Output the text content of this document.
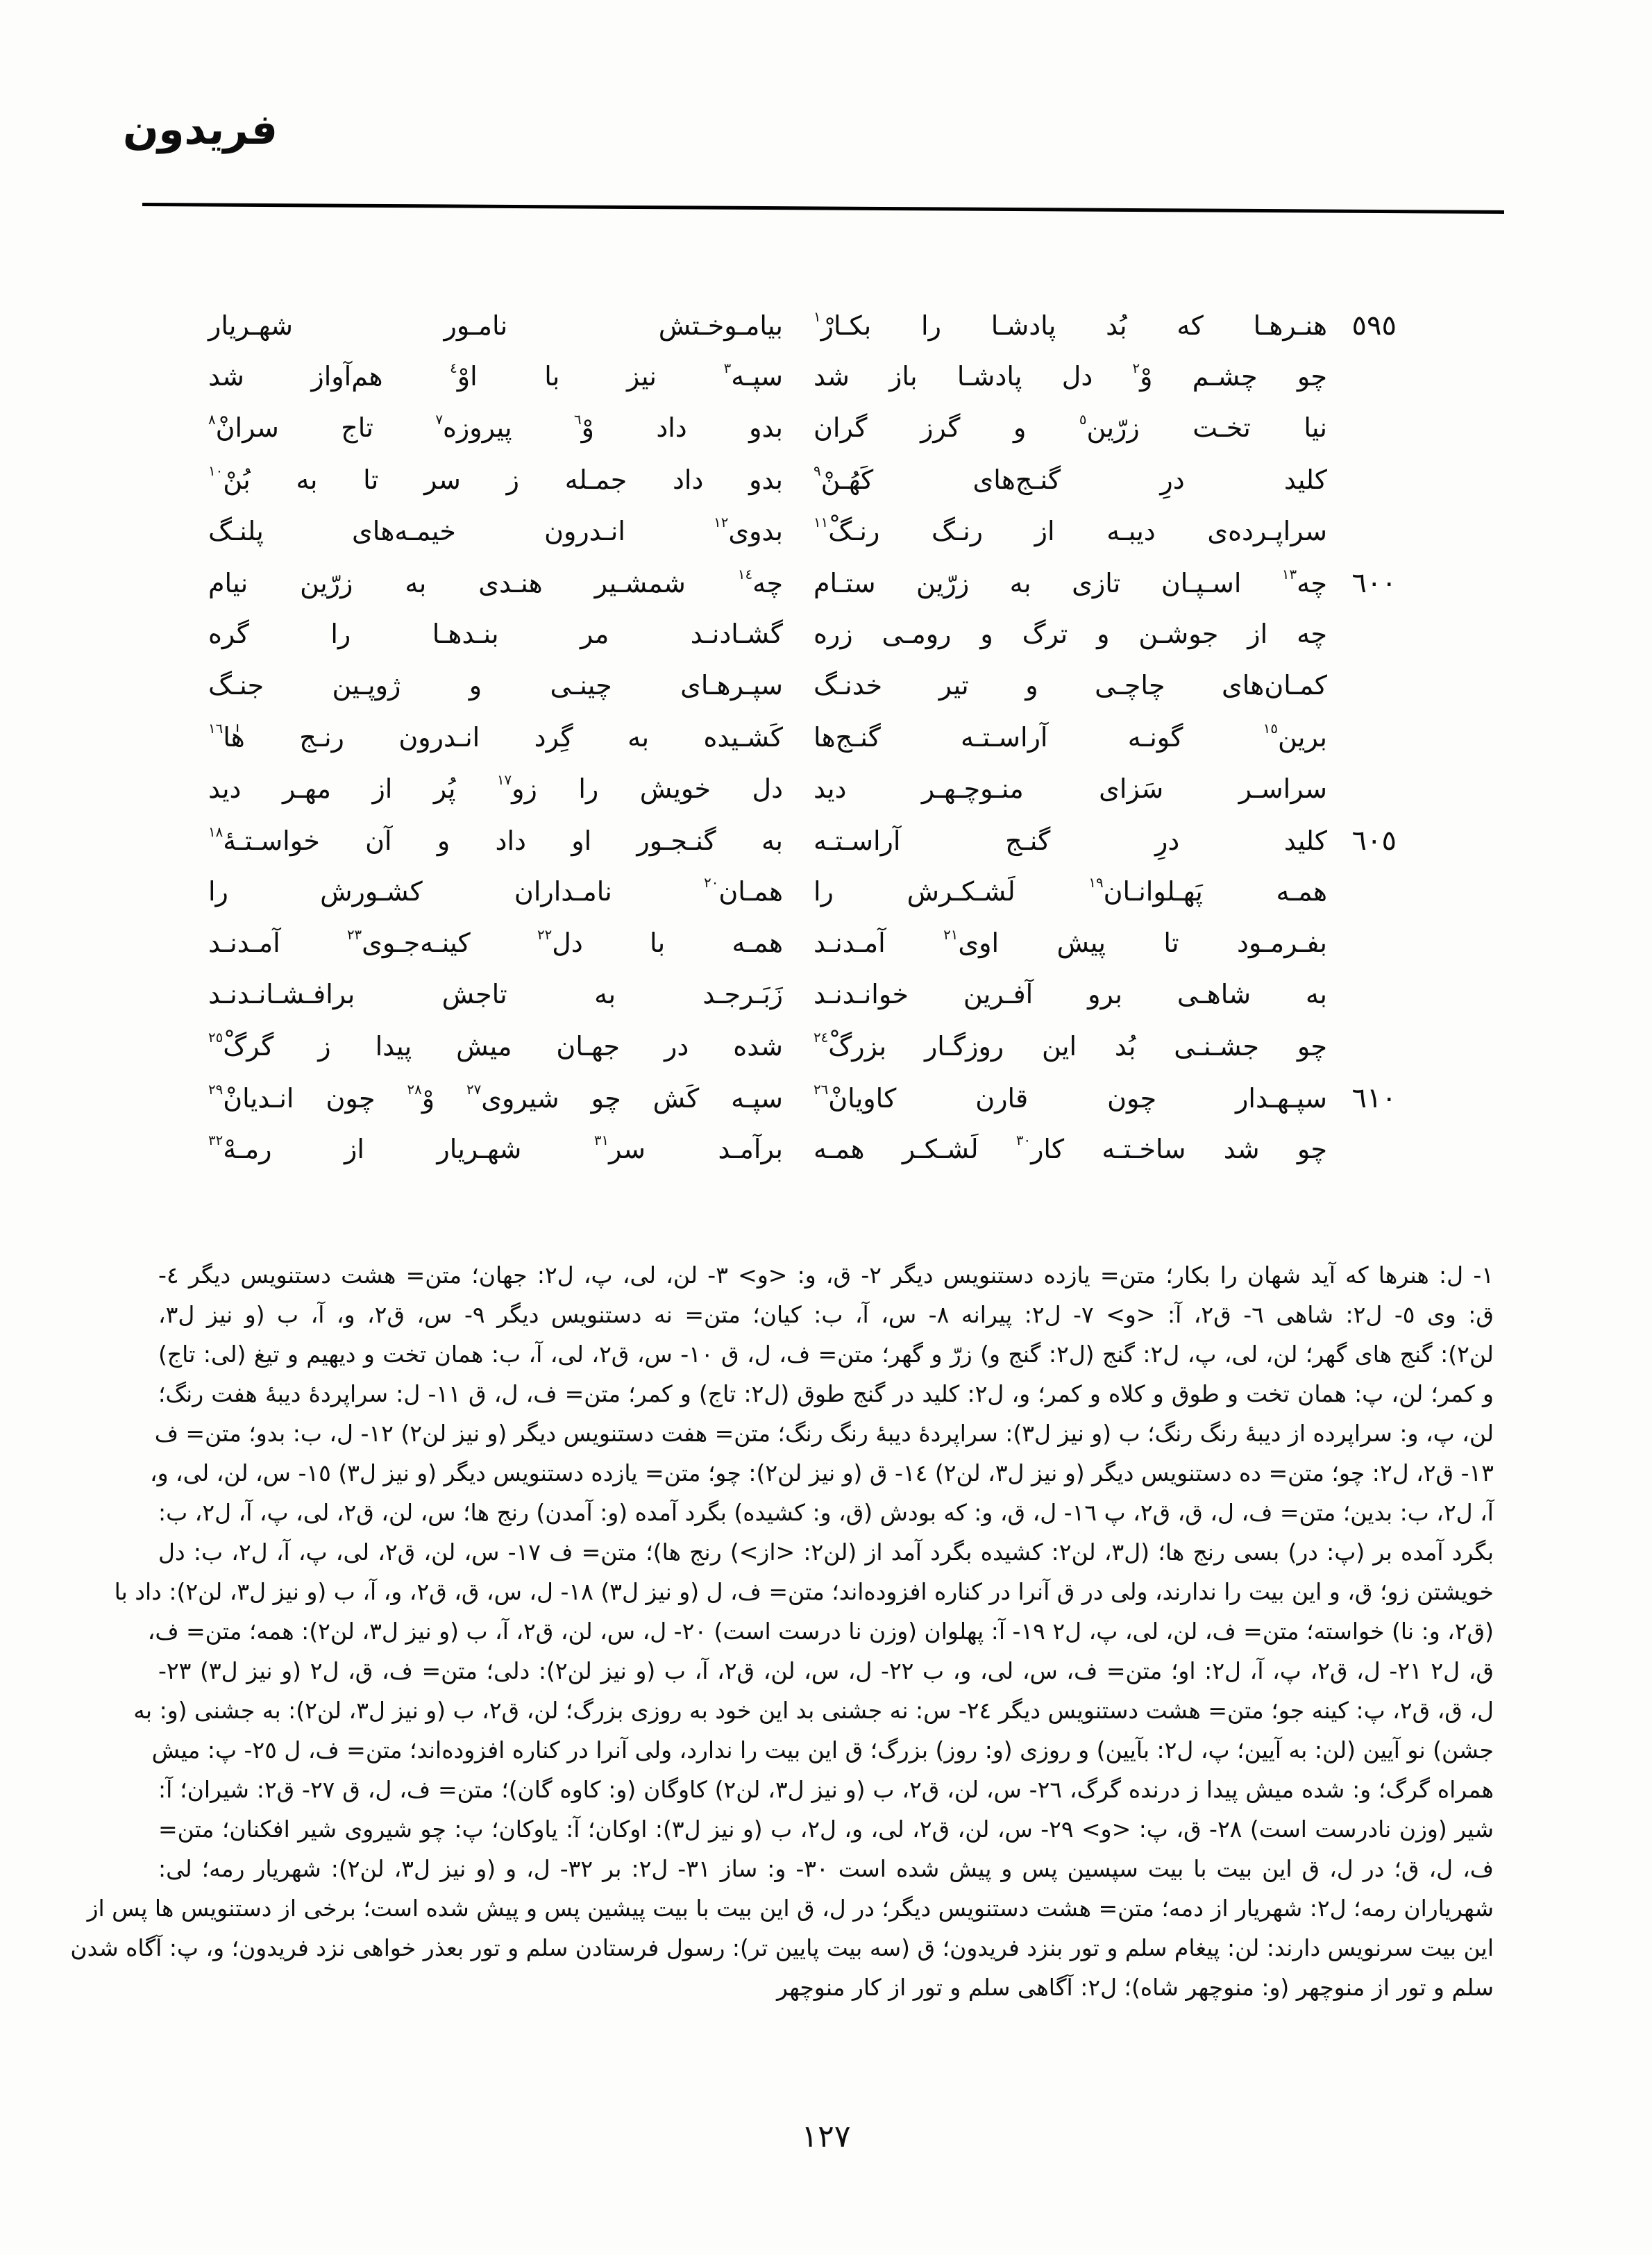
فریدون
٥٩٥
هنـرهـا که بُد پادشـا را بکـارْ$^١$
بیامـوخـتش نامـور شهـریار
چو چشـم وْ$^٢$ دل پادشـا باز شد
سپـه$^٣$ نیز با اوْ$^٤$ هم‌آواز شد
نیا تخـت زرّین$^٥$ و گرز گران
بدو داد وْ$^٦$ پیروزه$^٧$ تاج سرانْ$^٨$
کلید درِ گنـج‌های کَهُـنْ$^٩$
بدو داد جمـله ز سر تا به بُنْ$^{١٠}$
سراپـرده‌ی دیبـه از رنـگ رنـگْ$^{١١}$
بدوی$^{١٢}$ انـدرون خیمـه‌های پلنـگ
٦٠٠
چه$^{١٣}$ اسـپـان تازی به زرّین ستـام
چه$^{١٤}$ شمشـیر هنـدی به زرّین نیام
چه از جوشـن و ترگ و رومـی زره
گشـادنـد مر بنـدهـا را گره
کمـان‌های چاچـی و تیر خدنـگ
سپـرهـای چینـی و ژوپـین جنـگ
برین$^{١٥}$ گونـه آراسـتـه گنـج‌ها
کَشـیده به گِرد انـدرون رنـج هٰا$^{١٦}$
سراسـر سَزای منـوچـهـر دید
دل خویش را زو$^{١٧}$ پُر از مهـر دید
٦٠٥
کلید درِ گنـج آراسـتـه
به گنـجـور او داد و آن خواسـتـهٔ$^{١٨}$
همـه پَهـلوانـان$^{١٩}$ لَشـکـرش را
همـان$^{٢٠}$ نامـداران کشـورش را
بفـرمـود تا پیش اوی$^{٢١}$ آمـدنـد
همـه با دل$^{٢٢}$ کینـه‌جـوی$^{٢٣}$ آمـدنـد
به شاهـی برو آفـرین خوانـدنـد
زَبَـرجـد به تاجش برافـشـانـدنـد
چو جشـنـی بُد این روزگـار بزرگْ$^{٢٤}$
شده در جهـان میش پیدا ز گرگْ$^{٢٥}$
٦١٠
سپـهـدار چون قارن کاویانْ$^{٢٦}$
سپـه کَش چو شیروی$^{٢٧}$ وْ$^{٢٨}$ چون انـدیانْ$^{٢٩}$
چو شد ساخـتـه کار$^{٣٠}$ لَشـکـر همـه
برآمـد سر$^{٣١}$ شهـریار از رمـهْ$^{٣٢}$
١- ل: هنرها که آید شهان را بکار؛ متن= یازده دستنویس دیگر ٢- ق، و: <و> ٣- لن، لی، پ، ل٢: جهان؛ متن= هشت دستنویس دیگر ٤-
ق: وی ٥- ل٢: شاهی ٦- ق٢، آ: <و> ٧- ل٢: پیرانه ٨- س، آ، ب: کیان؛ متن= نه دستنویس دیگر ٩- س، ق٢، و، آ، ب (و نیز ل٣،
لن٢): گنج های گهر؛ لن، لی، پ، ل٢: گنج (ل٢: گنج و) زرّ و گهر؛ متن= ف، ل، ق ١٠- س، ق٢، لی، آ، ب: همان تخت و دیهیم و تیغ (لی: تاج)
و کمر؛ لن، پ: همان تخت و طوق و کلاه و کمر؛ و، ل٢: کلید در گنج طوق (ل٢: تاج) و کمر؛ متن= ف، ل، ق ١١- ل: سراپردهٔ دیبهٔ هفت رنگ؛
لن، پ، و: سراپرده از دیبهٔ رنگ رنگ؛ ب (و نیز ل٣): سراپردهٔ دیبهٔ رنگ رنگ؛ متن= هفت دستنویس دیگر (و نیز لن٢) ١٢- ل، ب: بدو؛ متن= ف
١٣- ق٢، ل٢: چو؛ متن= ده دستنویس دیگر (و نیز ل٣، لن٢) ١٤- ق (و نیز لن٢): چو؛ متن= یازده دستنویس دیگر (و نیز ل٣) ١٥- س، لن، لی، و،
آ، ل٢، ب: بدین؛ متن= ف، ل، ق، ق٢، پ ١٦- ل، ق، و: که بودش (ق، و: کشیده) بگرد آمده (و: آمدن) رنج ها؛ س، لن، ق٢، لی، پ، آ، ل٢، ب:
بگرد آمده بر (پ: در) بسی رنج ها؛ (ل٣، لن٢: کشیده بگرد آمد از (لن٢: <از>) رنج ها)؛ متن= ف ١٧- س، لن، ق٢، لی، پ، آ، ل٢، ب: دل
خویشتن زو؛ ق، و این بیت را ندارند، ولی در ق آنرا در کناره افزوده‌اند؛ متن= ف، ل (و نیز ل٣) ١٨- ل، س، ق، ق٢، و، آ، ب (و نیز ل٣، لن٢): داد با
(ق٢، و: نا) خواسته؛ متن= ف، لن، لی، پ، ل٢ ١٩- آ: پهلوان (وزن نا درست است) ٢٠- ل، س، لن، ق٢، آ، ب (و نیز ل٣، لن٢): همه؛ متن= ف،
ق، ل٢ ٢١- ل، ق٢، پ، آ، ل٢: او؛ متن= ف، س، لی، و، ب ٢٢- ل، س، لن، ق٢، آ، ب (و نیز لن٢): دلی؛ متن= ف، ق، ل٢ (و نیز ل٣) ٢٣-
ل، ق، ق٢، پ: کینه جو؛ متن= هشت دستنویس دیگر ٢٤- س: نه جشنی بد این خود به روزی بزرگ؛ لن، ق٢، ب (و نیز ل٣، لن٢): به جشنی (و: به
جشن) نو آیین (لن: به آیین؛ پ، ل٢: بآیین) و روزی (و: روز) بزرگ؛ ق این بیت را ندارد، ولی آنرا در کناره افزوده‌اند؛ متن= ف، ل ٢٥- پ: میش
همراه گرگ؛ و: شده میش پیدا ز درنده گرگ، ٢٦- س، لن، ق٢، ب (و نیز ل٣، لن٢) کاوگان (و: کاوه گان)؛ متن= ف، ل، ق ٢٧- ق٢: شیران؛ آ:
شیر (وزن نادرست است) ٢٨- ق، پ: <و> ٢٩- س، لن، ق٢، لی، و، ل٢، ب (و نیز ل٣): اوکان؛ آ: یاوکان؛ پ: چو شیروی شیر افکنان؛ متن=
ف، ل، ق؛ در ل، ق این بیت با بیت سپسین پس و پیش شده است ٣٠- و: ساز ٣١- ل٢: بر ٣٢- ل، و (و نیز ل٣، لن٢): شهریار رمه؛ لی:
شهریاران رمه؛ ل٢: شهریار از دمه؛ متن= هشت دستنویس دیگر؛ در ل، ق این بیت با بیت پیشین پس و پیش شده است؛ برخی از دستنویس ها پس از
این بیت سرنویس دارند: لن: پیغام سلم و تور بنزد فریدون؛ ق (سه بیت پایین تر): رسول فرستادن سلم و تور بعذر خواهی نزد فریدون؛ و، پ: آگاه شدن
سلم و تور از منوچهر (و: منوچهر شاه)؛ ل٢: آگاهی سلم و تور از کار منوچهر
١٢٧
